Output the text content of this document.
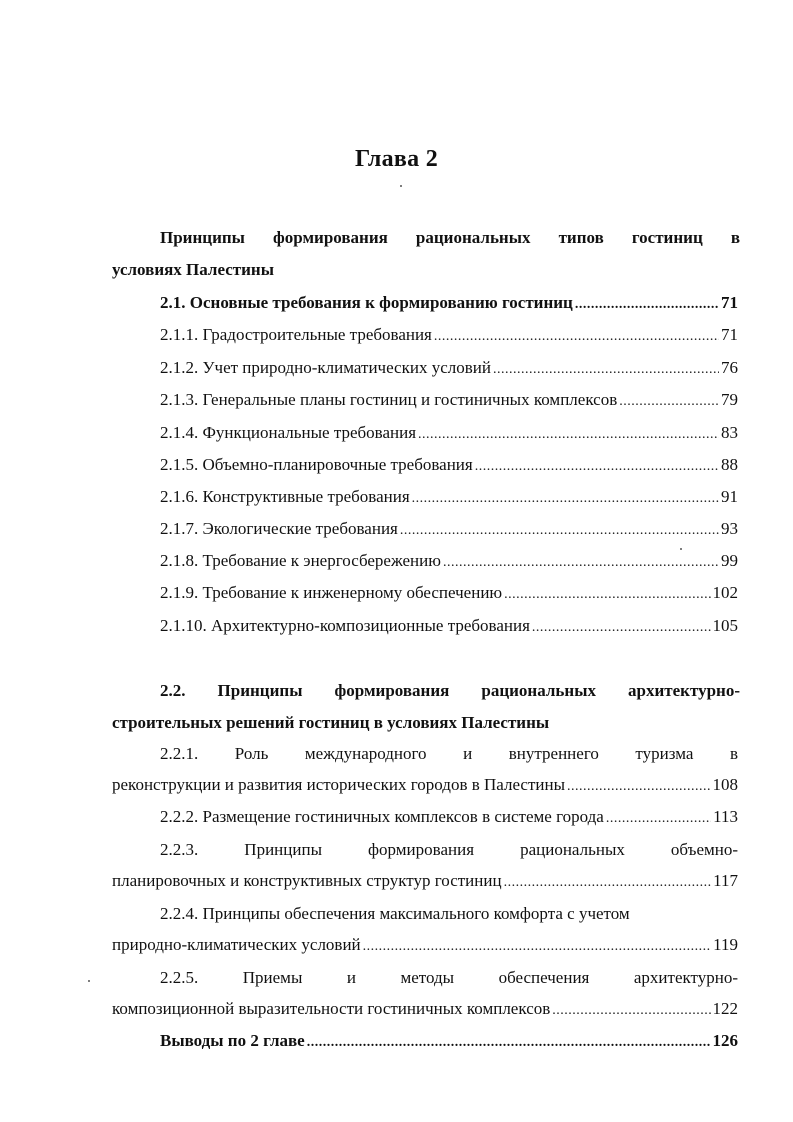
Глава 2
Принципы формирования рациональных типов гостиниц в
условиях Палестины
2.1. Основные требования к формированию гостиниц .....	71
2.1.1. Градостроительные требования .....	71
2.1.2. Учет природно-климатических условий .....	76
2.1.3. Генеральные планы гостиниц и гостиничных комплексов .....	79
2.1.4. Функциональные требования .....	83
2.1.5. Объемно-планировочные требования .....	88
2.1.6. Конструктивные требования .....	91
2.1.7. Экологические требования .....	93
2.1.8. Требование к энергосбережению .....	99
2.1.9. Требование к инженерному обеспечению .....	102
2.1.10. Архитектурно-композиционные требования .....	105
2.2. Принципы формирования рациональных архитектурно-
строительных решений гостиниц в условиях Палестины
2.2.1. Роль международного и внутреннего туризма в
реконструкции и развития исторических городов в Палестины .....	108
2.2.2. Размещение гостиничных комплексов в системе города .....	113
2.2.3. Принципы формирования рациональных объемно-
планировочных и конструктивных структур гостиниц .....	117
2.2.4. Принципы обеспечения максимального комфорта с учетом
природно-климатических условий .....	119
2.2.5. Приемы и методы обеспечения архитектурно-
композиционной выразительности гостиничных комплексов .....	122
Выводы по 2 главе .....	126
